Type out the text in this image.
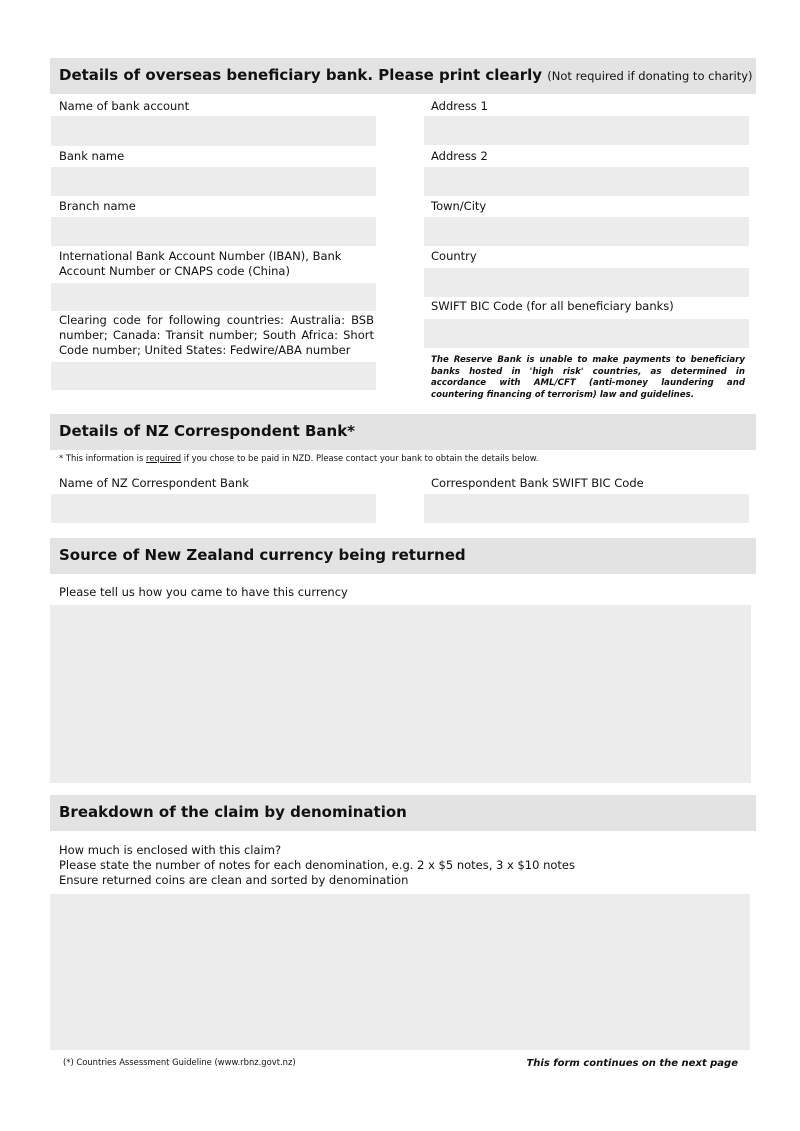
Details of overseas beneficiary bank. Please print clearly (Not required if donating to charity)
Name of bank account
Bank name
Branch name
International Bank Account Number (IBAN), Bank Account Number or CNAPS code (China)
Clearing code for following countries: Australia: BSB number; Canada: Transit number; South Africa: Short Code number; United States: Fedwire/ABA number
Address 1
Address 2
Town/City
Country
SWIFT BIC Code (for all beneficiary banks)
The Reserve Bank is unable to make payments to beneficiary banks hosted in 'high risk' countries, as determined in accordance with AML/CFT (anti-money laundering and countering financing of terrorism) law and guidelines.
Details of NZ Correspondent Bank*
* This information is required if you chose to be paid in NZD. Please contact your bank to obtain the details below.
Name of NZ Correspondent Bank	Correspondent Bank SWIFT BIC Code
Source of New Zealand currency being returned
Please tell us how you came to have this currency
Breakdown of the claim by denomination
How much is enclosed with this claim?
Please state the number of notes for each denomination, e.g. 2 x $5 notes, 3 x $10 notes
Ensure returned coins are clean and sorted by denomination
(*) Countries Assessment Guideline (www.rbnz.govt.nz)	This form continues on the next page
